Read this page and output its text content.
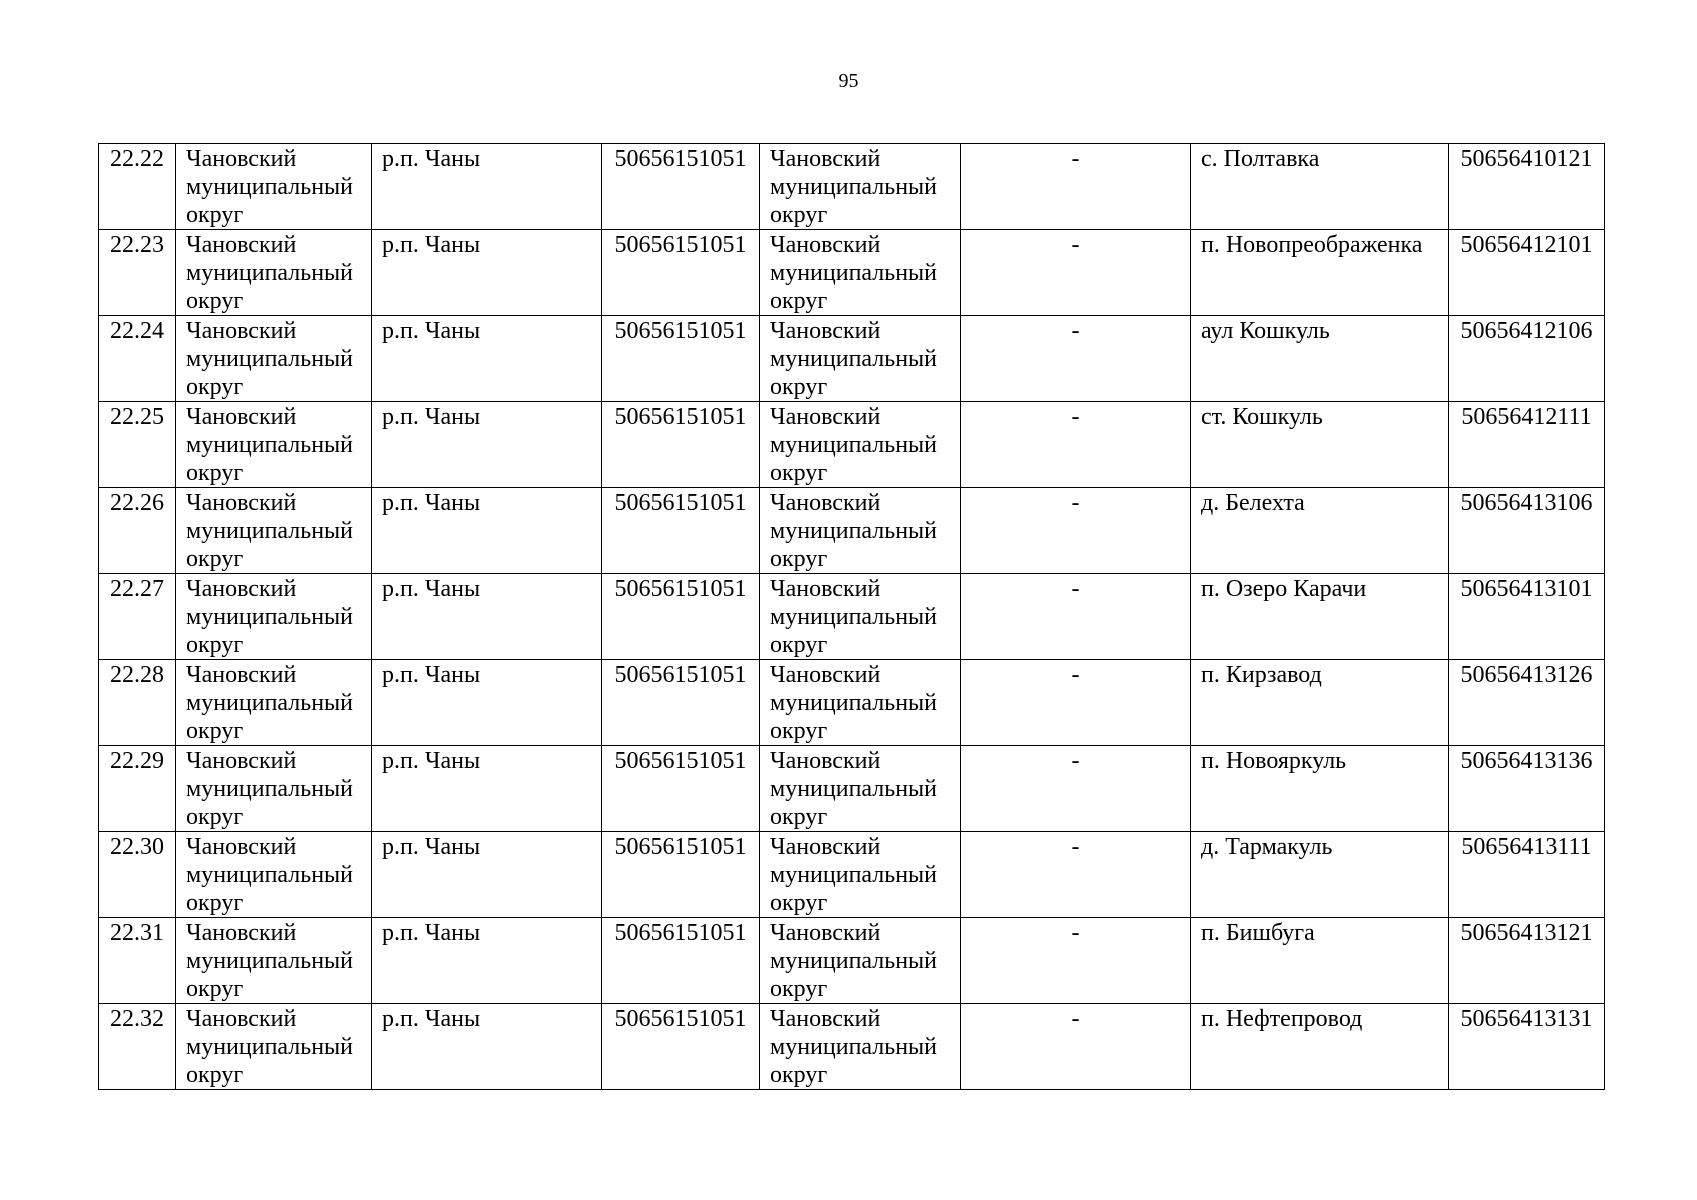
95
22.22	Чановский муниципальный округ	р.п. Чаны	50656151051	Чановский муниципальный округ	-	с. Полтавка	50656410121
22.23	Чановский муниципальный округ	р.п. Чаны	50656151051	Чановский муниципальный округ	-	п. Новопреображенка	50656412101
22.24	Чановский муниципальный округ	р.п. Чаны	50656151051	Чановский муниципальный округ	-	аул Кошкуль	50656412106
22.25	Чановский муниципальный округ	р.п. Чаны	50656151051	Чановский муниципальный округ	-	ст. Кошкуль	50656412111
22.26	Чановский муниципальный округ	р.п. Чаны	50656151051	Чановский муниципальный округ	-	д. Белехта	50656413106
22.27	Чановский муниципальный округ	р.п. Чаны	50656151051	Чановский муниципальный округ	-	п. Озеро Карачи	50656413101
22.28	Чановский муниципальный округ	р.п. Чаны	50656151051	Чановский муниципальный округ	-	п. Кирзавод	50656413126
22.29	Чановский муниципальный округ	р.п. Чаны	50656151051	Чановский муниципальный округ	-	п. Новояркуль	50656413136
22.30	Чановский муниципальный округ	р.п. Чаны	50656151051	Чановский муниципальный округ	-	д. Тармакуль	50656413111
22.31	Чановский муниципальный округ	р.п. Чаны	50656151051	Чановский муниципальный округ	-	п. Бишбуга	50656413121
22.32	Чановский муниципальный округ	р.п. Чаны	50656151051	Чановский муниципальный округ	-	п. Нефтепровод	50656413131
